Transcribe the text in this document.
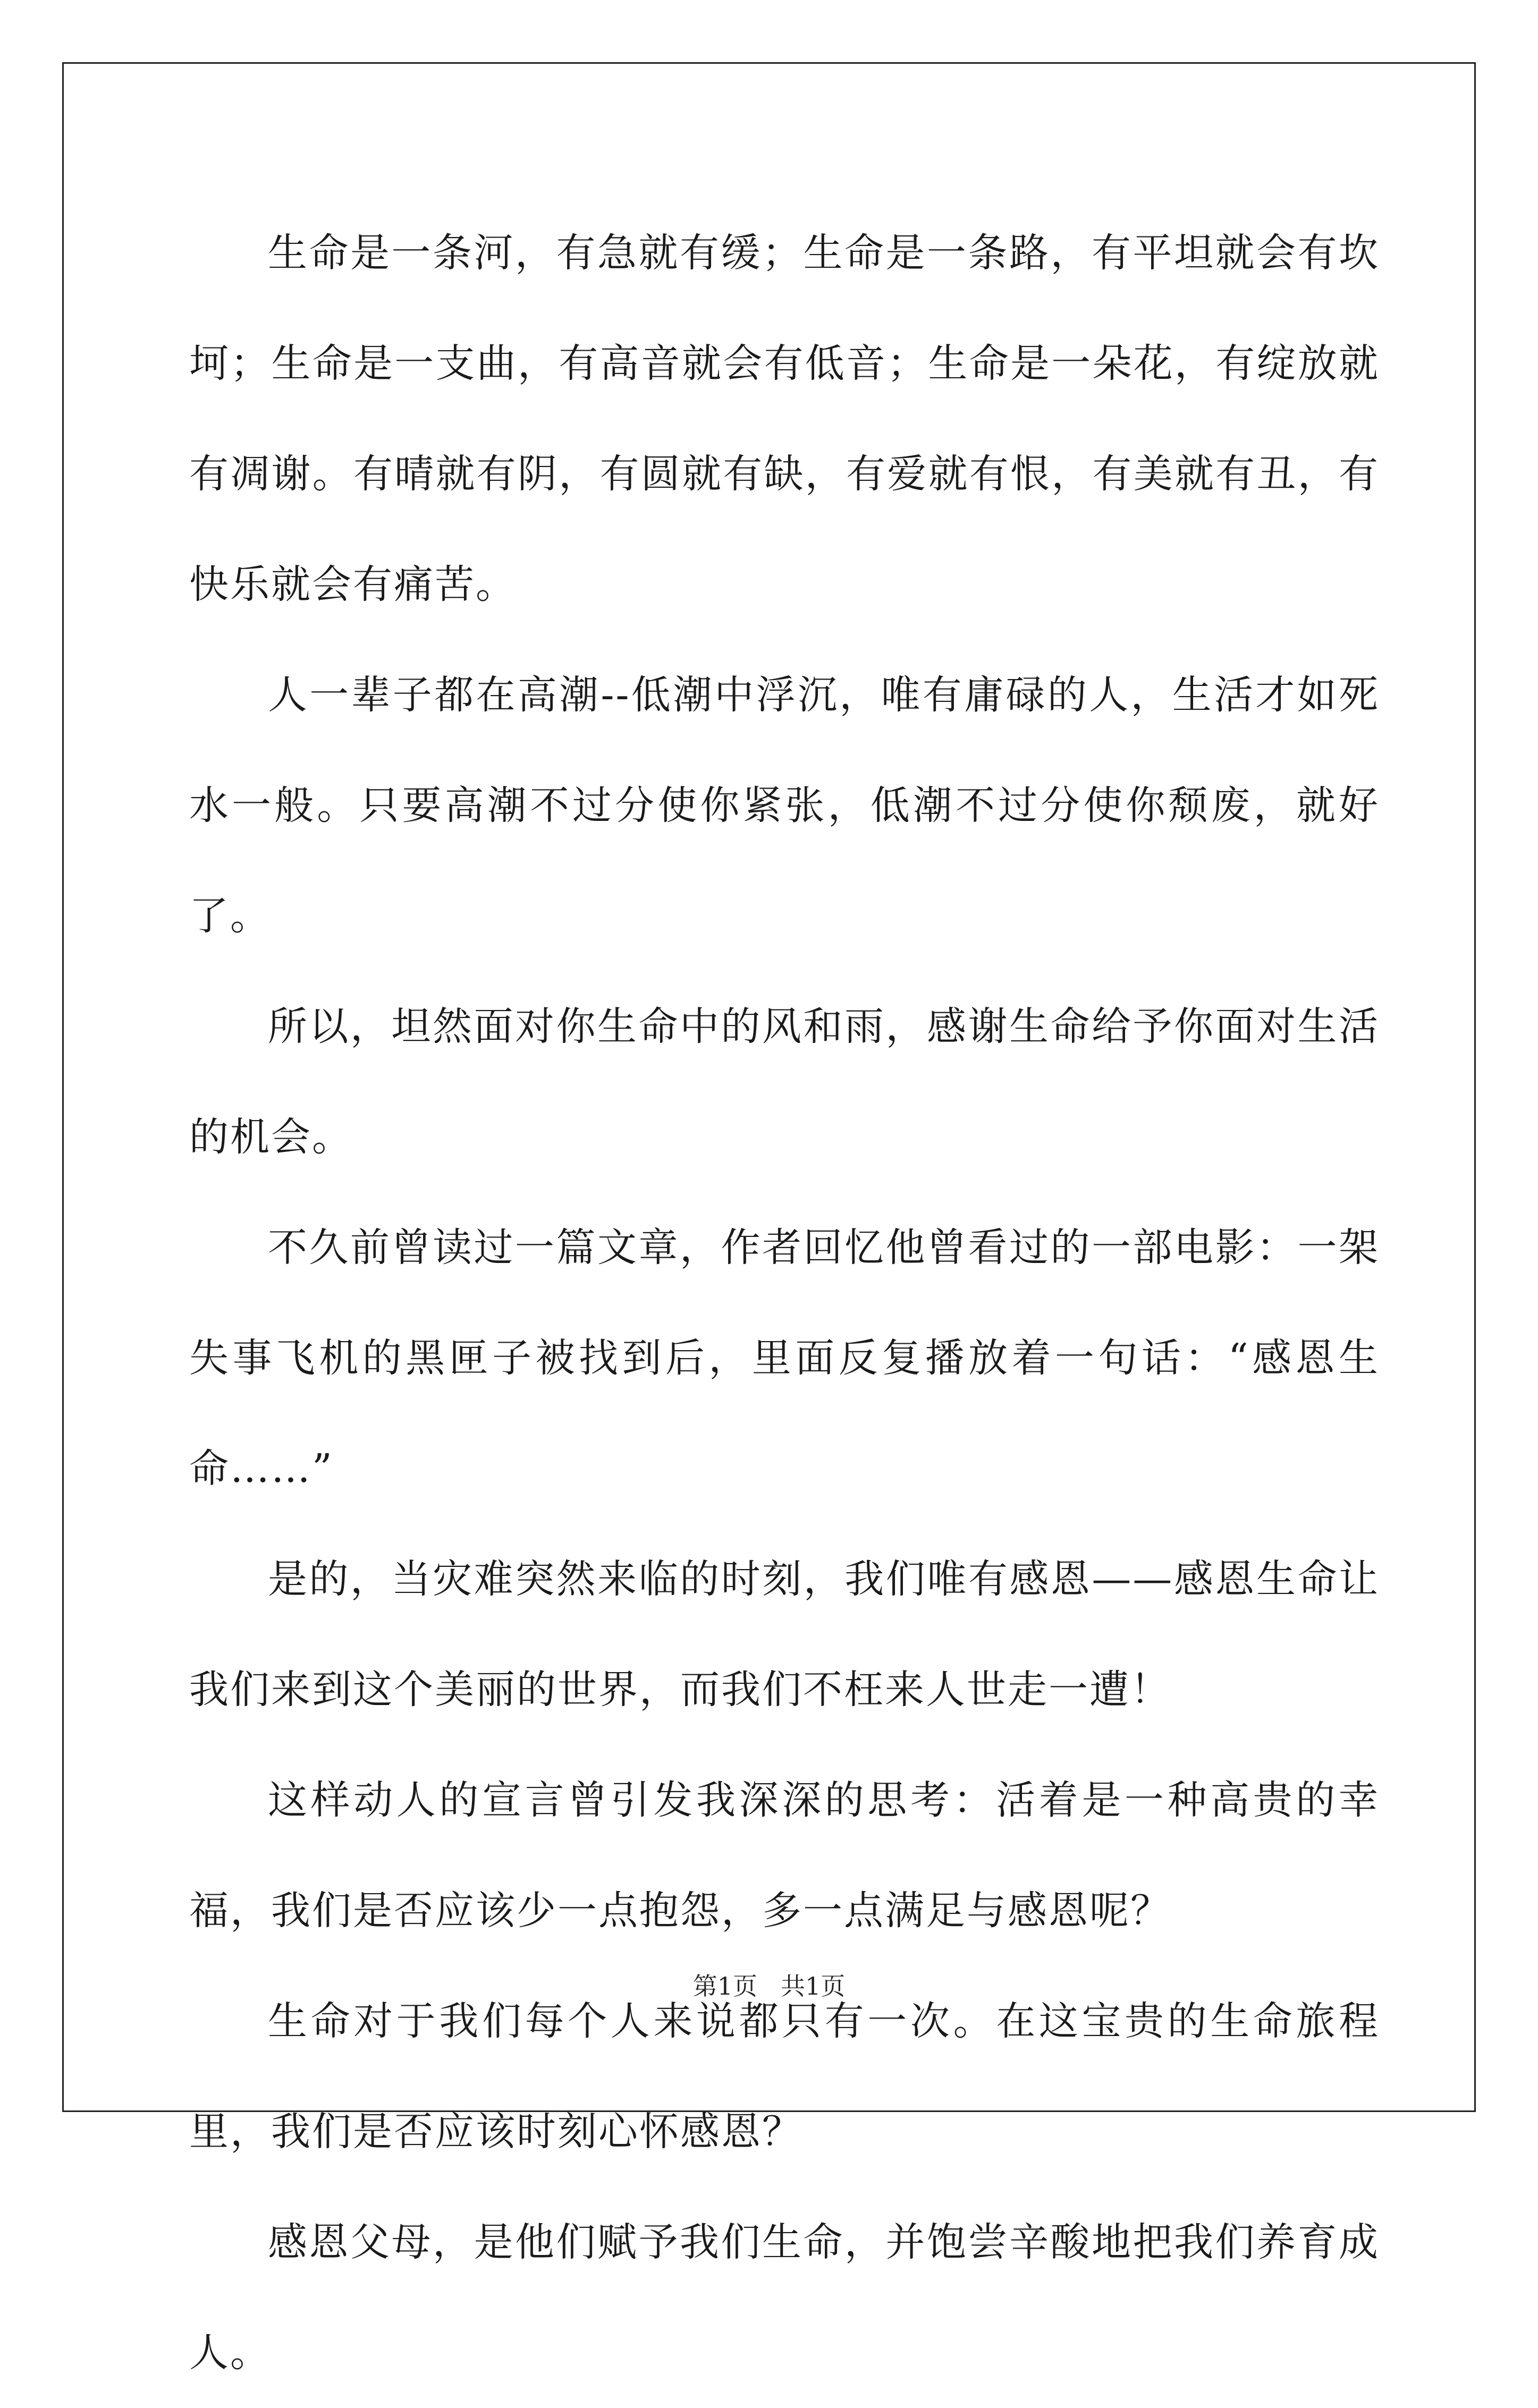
生命是一条河，有急就有缓；生命是一条路，有平坦就会有坎坷；生命是一支曲，有高音就会有低音；生命是一朵花，有绽放就有凋谢。有晴就有阴，有圆就有缺，有爱就有恨，有美就有丑，有快乐就会有痛苦。

人一辈子都在高潮--低潮中浮沉，唯有庸碌的人，生活才如死水一般。只要高潮不过分使你紧张，低潮不过分使你颓废，就好了。

所以，坦然面对你生命中的风和雨，感谢生命给予你面对生活的机会。

不久前曾读过一篇文章，作者回忆他曾看过的一部电影：一架失事飞机的黑匣子被找到后，里面反复播放着一句话：“感恩生命……”

是的，当灾难突然来临的时刻，我们唯有感恩——感恩生命让我们来到这个美丽的世界，而我们不枉来人世走一遭！

这样动人的宣言曾引发我深深的思考：活着是一种高贵的幸福，我们是否应该少一点抱怨，多一点满足与感恩呢？

生命对于我们每个人来说都只有一次。在这宝贵的生命旅程里，我们是否应该时刻心怀感恩？

感恩父母，是他们赋予我们生命，并饱尝辛酸地把我们养育成人。

第1页 共1页
